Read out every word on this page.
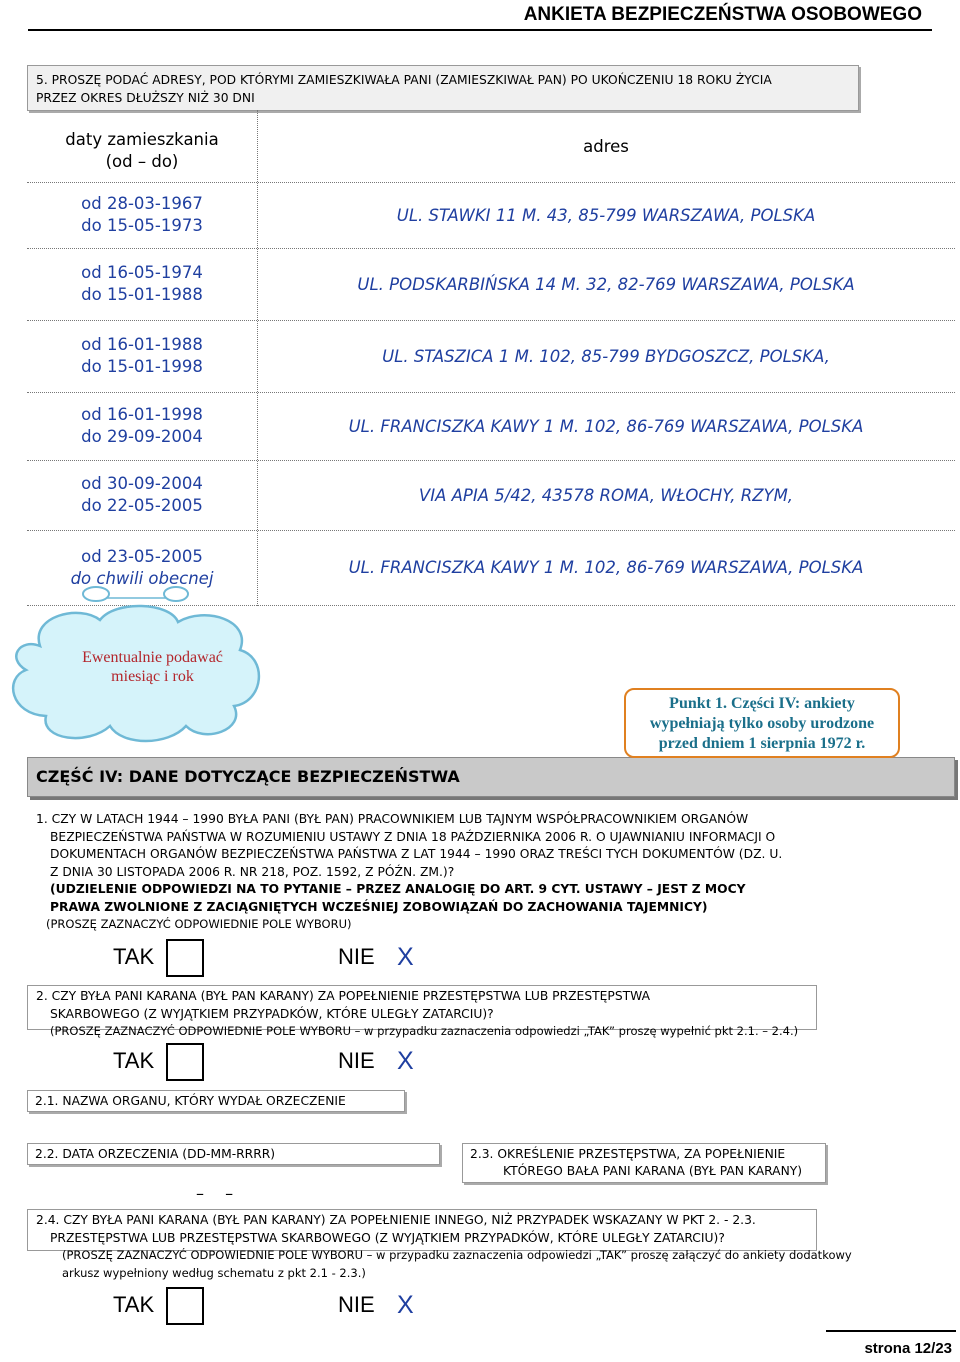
ANKIETA BEZPIECZEŃSTWA OSOBOWEGO
5. PROSZĘ PODAĆ ADRESY, POD KTÓRYMI ZAMIESZKIWAŁA PANI (ZAMIESZKIWAŁ PAN) PO UKOŃCZENIU 18 ROKU ŻYCIA
PRZEZ OKRES DŁUŻSZY NIŻ 30 DNI
daty zamieszkania
(od – do)
adres
od 28-03-1967
do 15-05-1973
UL. STAWKI 11 M. 43, 85-799 WARSZAWA, POLSKA
od 16-05-1974
do 15-01-1988
UL. PODSKARBIŃSKA 14 M. 32, 82-769 WARSZAWA, POLSKA
od 16-01-1988
do 15-01-1998
UL. STASZICA 1 M. 102, 85-799 BYDGOSZCZ, POLSKA,
od 16-01-1998
do 29-09-2004
UL. FRANCISZKA KAWY 1 M. 102, 86-769 WARSZAWA, POLSKA
od 30-09-2004
do 22-05-2005
VIA APIA 5/42, 43578 ROMA, WŁOCHY, RZYM,
od 23-05-2005
do chwili obecnej
UL. FRANCISZKA KAWY 1 M. 102, 86-769 WARSZAWA, POLSKA
Ewentualnie podawać
miesiąc i rok
CZĘŚĆ IV: DANE DOTYCZĄCE BEZPIECZEŃSTWA
Punkt 1. Części IV: ankiety
wypełniają tylko osoby urodzone
przed dniem 1 sierpnia 1972 r.
1. CZY W LATACH 1944 – 1990 BYŁA PANI (BYŁ PAN) PRACOWNIKIEM LUB TAJNYM WSPÓŁPRACOWNIKIEM ORGANÓW
BEZPIECZEŃSTWA PAŃSTWA W ROZUMIENIU USTAWY Z DNIA 18 PAŹDZIERNIKA 2006 R. O UJAWNIANIU INFORMACJI O
DOKUMENTACH ORGANÓW BEZPIECZEŃSTWA PAŃSTWA Z LAT 1944 – 1990 ORAZ TREŚCI TYCH DOKUMENTÓW (DZ. U.
Z DNIA 30 LISTOPADA 2006 R. NR 218, POZ. 1592, Z PÓŹN. ZM.)?
(UDZIELENIE ODPOWIEDZI NA TO PYTANIE – PRZEZ ANALOGIĘ DO ART. 9 CYT. USTAWY – JEST Z MOCY
PRAWA ZWOLNIONE Z ZACIĄGNIĘTYCH WCZEŚNIEJ ZOBOWIĄZAŃ DO ZACHOWANIA TAJEMNICY)
(PROSZĘ ZAZNACZYĆ ODPOWIEDNIE POLE WYBORU)
TAK	NIE X
2. CZY BYŁA PANI KARANA (BYŁ PAN KARANY) ZA POPEŁNIENIE PRZESTĘPSTWA LUB PRZESTĘPSTWA
SKARBOWEGO (Z WYJĄTKIEM PRZYPADKÓW, KTÓRE ULEGŁY ZATARCIU)?
(PROSZĘ ZAZNACZYĆ ODPOWIEDNIE POLE WYBORU – w przypadku zaznaczenia odpowiedzi „TAK” proszę wypełnić pkt 2.1. – 2.4.)
TAK	NIE X
2.1. NAZWA ORGANU, KTÓRY WYDAŁ ORZECZENIE
2.2. DATA ORZECZENIA (DD-MM-RRRR)
– –
2.3. OKREŚLENIE PRZESTĘPSTWA, ZA POPEŁNIENIE
KTÓREGO BAŁA PANI KARANA (BYŁ PAN KARANY)
2.4. CZY BYŁA PANI KARANA (BYŁ PAN KARANY) ZA POPEŁNIENIE INNEGO, NIŻ PRZYPADEK WSKAZANY W PKT 2. - 2.3.
PRZESTĘPSTWA LUB PRZESTĘPSTWA SKARBOWEGO (Z WYJĄTKIEM PRZYPADKÓW, KTÓRE ULEGŁY ZATARCIU)?
(PROSZĘ ZAZNACZYĆ ODPOWIEDNIE POLE WYBORU – w przypadku zaznaczenia odpowiedzi „TAK” proszę załączyć do ankiety dodatkowy
arkusz wypełniony według schematu z pkt 2.1 - 2.3.)
TAK	NIE X
strona 12/23
